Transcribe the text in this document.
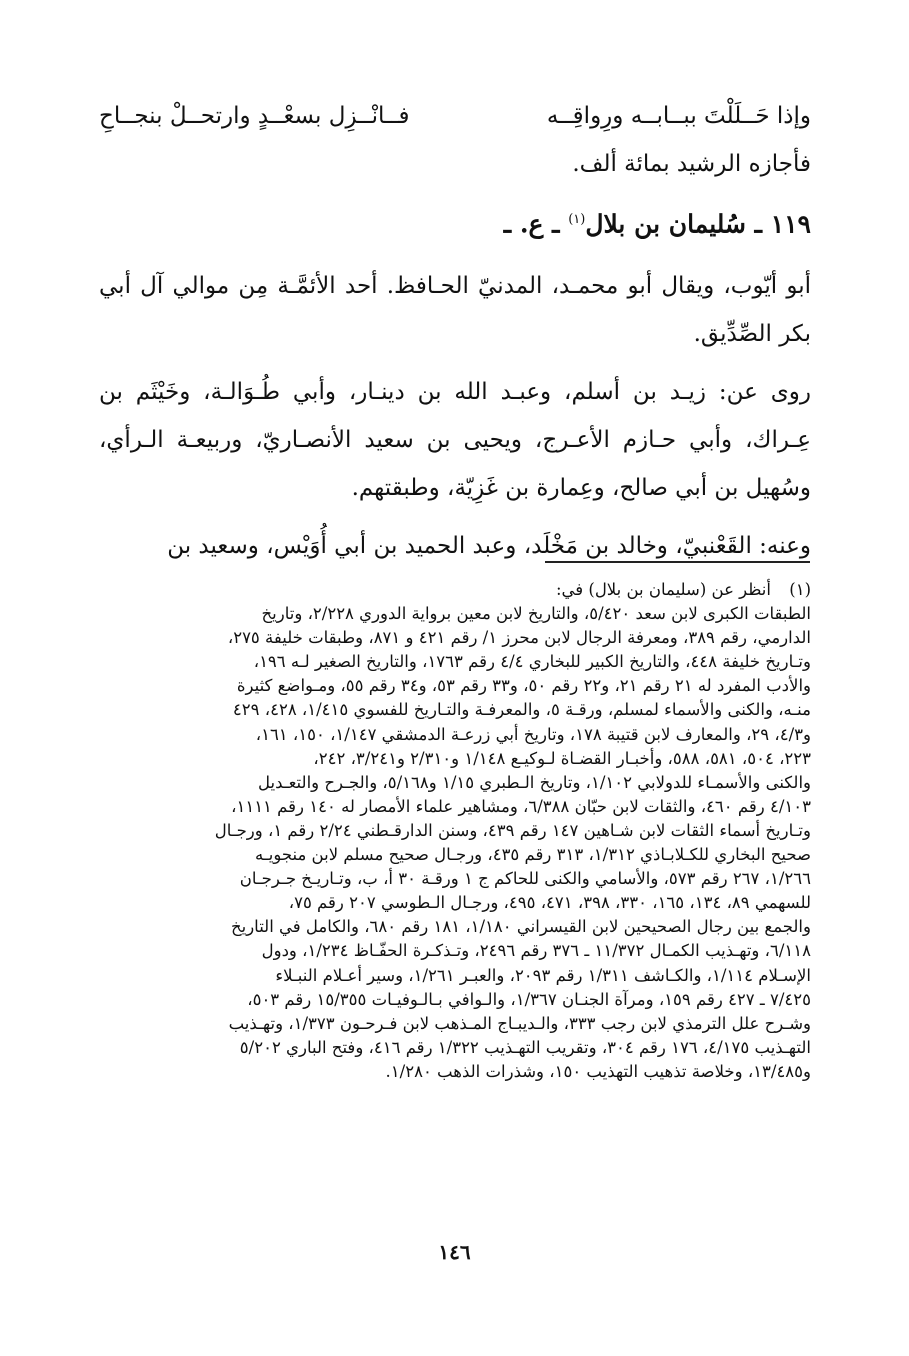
وإذا حَــلَلْتَ ببــابــه ورِواقِــه
فــانْــزِل بسعْــدٍ وارتحــلْ بنجــاحِ

فأجازه الرشيد بمائة ألف.

١١٩ ـ سُليمان بن بلال$^{(١)}$ ـ ع. ـ

أبو أيّوب، ويقال أبو محمـد، المدنيّ الحـافظ. أحد الأئمَّـة مِن موالي آل أبي بكر الصِّدِّيق.

روى عن: زيـد بن أسلم، وعبـد الله بن دينـار، وأبي طُـوَالـة، وخَيْثَم بن عِـراك، وأبي حـازم الأعـرج، ويحيى بن سعيد الأنصـاريّ، وربيعـة الـرأي، وسُهيل بن أبي صالح، وعِمارة بن غَزِيّة، وطبقتهم.

وعنه: القَعْنبيّ، وخالد بن مَخْلَد، وعبد الحميد بن أبي أُوَيْس، وسعيد بن

(١)
أنظر عن (سليمان بن بلال) في:
الطبقات الكبرى لابن سعد ٥/٤٢٠، والتاريخ لابن معين برواية الدوري ٢/٢٢٨، وتاريخ
الدارمي، رقم ٣٨٩، ومعرفة الرجال لابن محرز ١/ رقم ٤٢١ و ٨٧١، وطبقات خليفة ٢٧٥،
وتـاريخ خليفة ٤٤٨، والتاريخ الكبير للبخاري ٤/٤ رقم ١٧٦٣، والتاريخ الصغير لـه ١٩٦،
والأدب المفرد له ٢١ رقم ٢١، و٢٢ رقم ٥٠، و٣٣ رقم ٥٣، و٣٤ رقم ٥٥، ومـواضع كثيرة
منـه، والكنى والأسماء لمسلم، ورقـة ٥، والمعرفـة والتـاريخ للفسوي ١/٤١٥، ٤٢٨، ٤٢٩
و٤/٣، ٢٩، والمعارف لابن قتيبة ١٧٨، وتاريخ أبي زرعـة الدمشقي ١/١٤٧، ١٥٠، ١٦١،
٢٢٣، ٥٠٤، ٥٨١، ٥٨٨، وأخبـار القضـاة لـوكيـع ١/١٤٨ و٢/٣١٠ و٣/٢٤١، ٢٤٢،
والكنى والأسمـاء للدولابي ١/١٠٢، وتاريخ الـطبري ١/١٥ و٥/١٦٨، والجـرح والتعـديل
٤/١٠٣ رقم ٤٦٠، والثقات لابن حبّان ٦/٣٨٨، ومشاهير علماء الأمصار له ١٤٠ رقم ١١١١،
وتـاريخ أسماء الثقات لابن شـاهين ١٤٧ رقم ٤٣٩، وسنن الدارقـطني ٢/٢٤ رقم ١، ورجـال
صحيح البخاري للكـلابـاذي ١/٣١٢، ٣١٣ رقم ٤٣٥، ورجـال صحيح مسلم لابن منجويـه
١/٢٦٦، ٢٦٧ رقم ٥٧٣، والأسامي والكنى للحاكم ج ١ ورقـة ٣٠ أ، ب، وتـاريـخ جـرجـان
للسهمي ٨٩، ١٣٤، ١٦٥، ٣٣٠، ٣٩٨، ٤٧١، ٤٩٥، ورجـال الـطوسي ٢٠٧ رقم ٧٥،
والجمع بين رجال الصحيحين لابن القيسراني ١/١٨٠، ١٨١ رقم ٦٨٠، والكامل في التاريخ
٦/١١٨، وتهـذيب الكمـال ١١/٣٧٢ ـ ٣٧٦ رقم ٢٤٩٦، وتـذكـرة الحفّـاظ ١/٢٣٤، ودول
الإسـلام ١/١١٤، والكـاشف ١/٣١١ رقم ٢٠٩٣، والعبـر ١/٢٦١، وسير أعـلام النبـلاء
٧/٤٢٥ ـ ٤٢٧ رقم ١٥٩، ومرآة الجنـان ١/٣٦٧، والـوافي بـالـوفيـات ١٥/٣٥٥ رقم ٥٠٣،
وشـرح علل الترمذي لابن رجب ٣٣٣، والـديبـاج المـذهب لابن فـرحـون ١/٣٧٣، وتهـذيب
التهـذيب ٤/١٧٥، ١٧٦ رقم ٣٠٤، وتقريب التهـذيب ١/٣٢٢ رقم ٤١٦، وفتح الباري ٥/٢٠٢
و١٣/٤٨٥، وخلاصة تذهيب التهذيب ١٥٠، وشذرات الذهب ١/٢٨٠.
١٤٦
